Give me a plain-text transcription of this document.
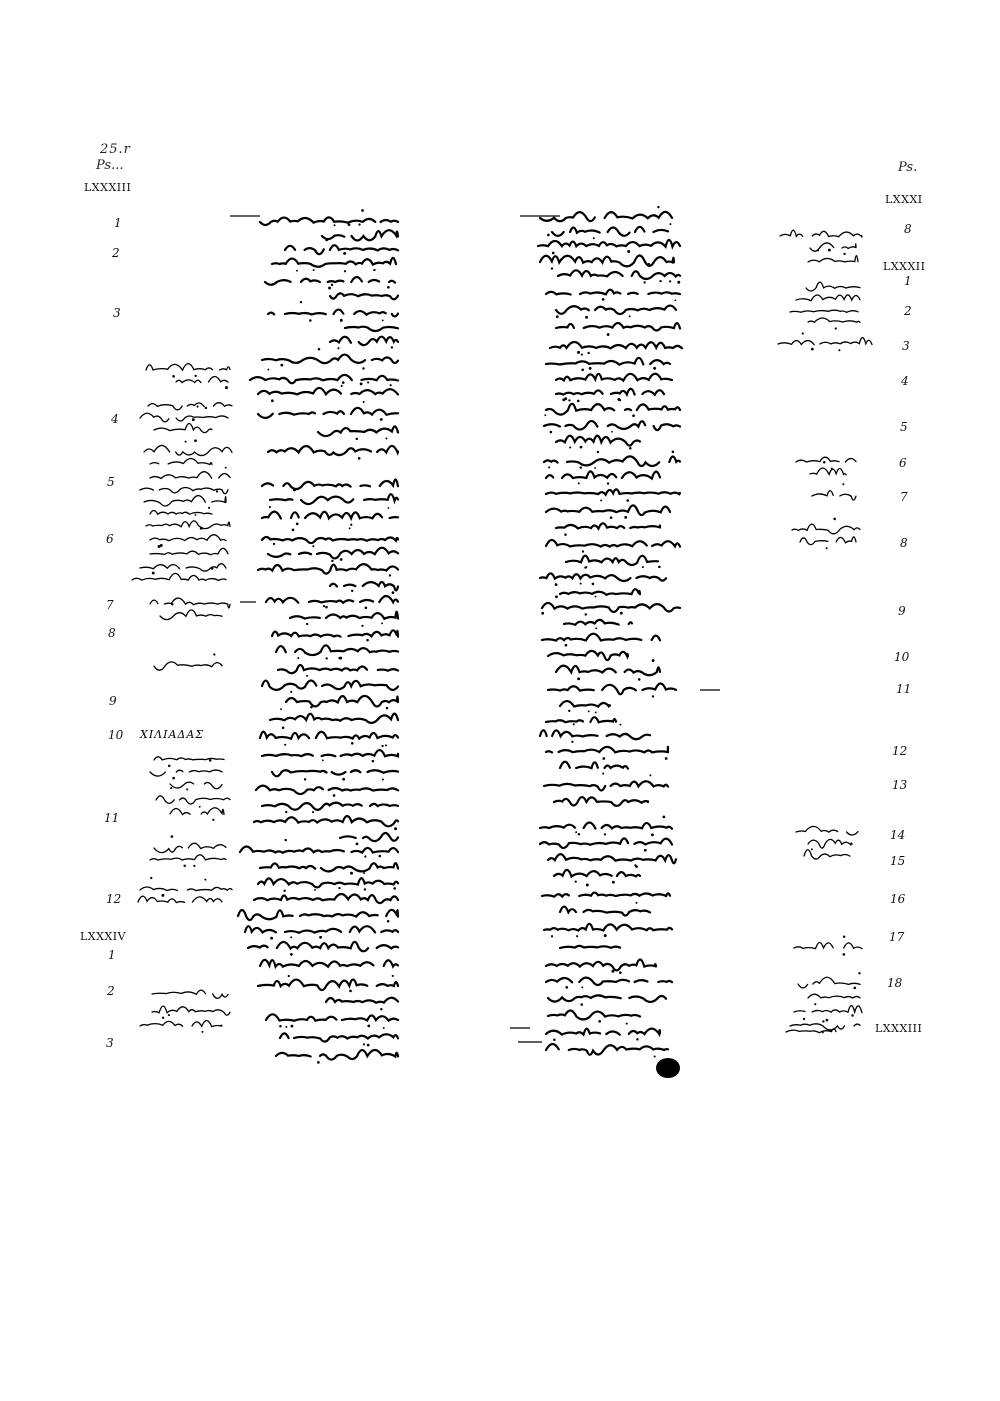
25.r
Ps...	Ps.
LXXXIII
LXXXI
LXXXII
LXXXIV
LXXXIII
ΧΙΛΙΑΔΑΣ
1
2
3
4
5
6
7
8
9
10
11
12
1
2
3
8
1
2
3
4
5
6
7
8
9
10
11
12
13
14
15
16
17
18
